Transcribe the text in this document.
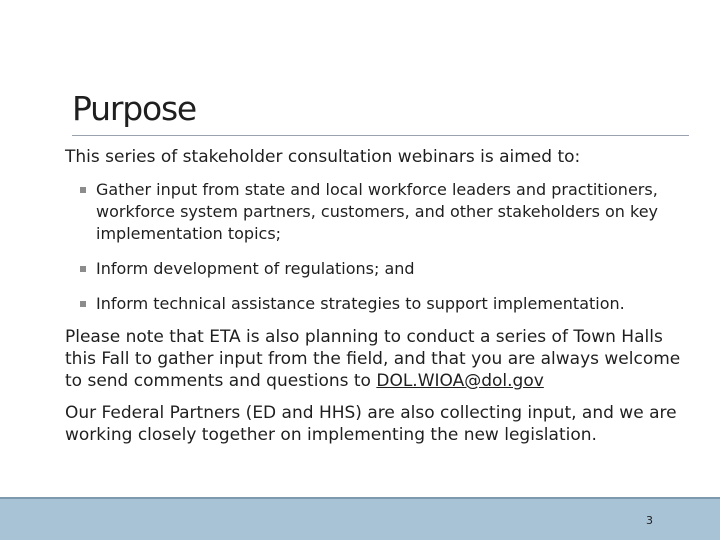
Purpose

This series of stakeholder consultation webinars is aimed to:

Gather input from state and local workforce leaders and practitioners, workforce system partners, customers, and other stakeholders on key implementation topics;
Inform development of regulations; and
Inform technical assistance strategies to support implementation.

Please note that ETA is also planning to conduct a series of Town Halls this Fall to gather input from the field, and that you are always welcome to send comments and questions to DOL.WIOA@dol.gov

Our Federal Partners (ED and HHS) are also collecting input, and we are working closely together on implementing the new legislation.

3
